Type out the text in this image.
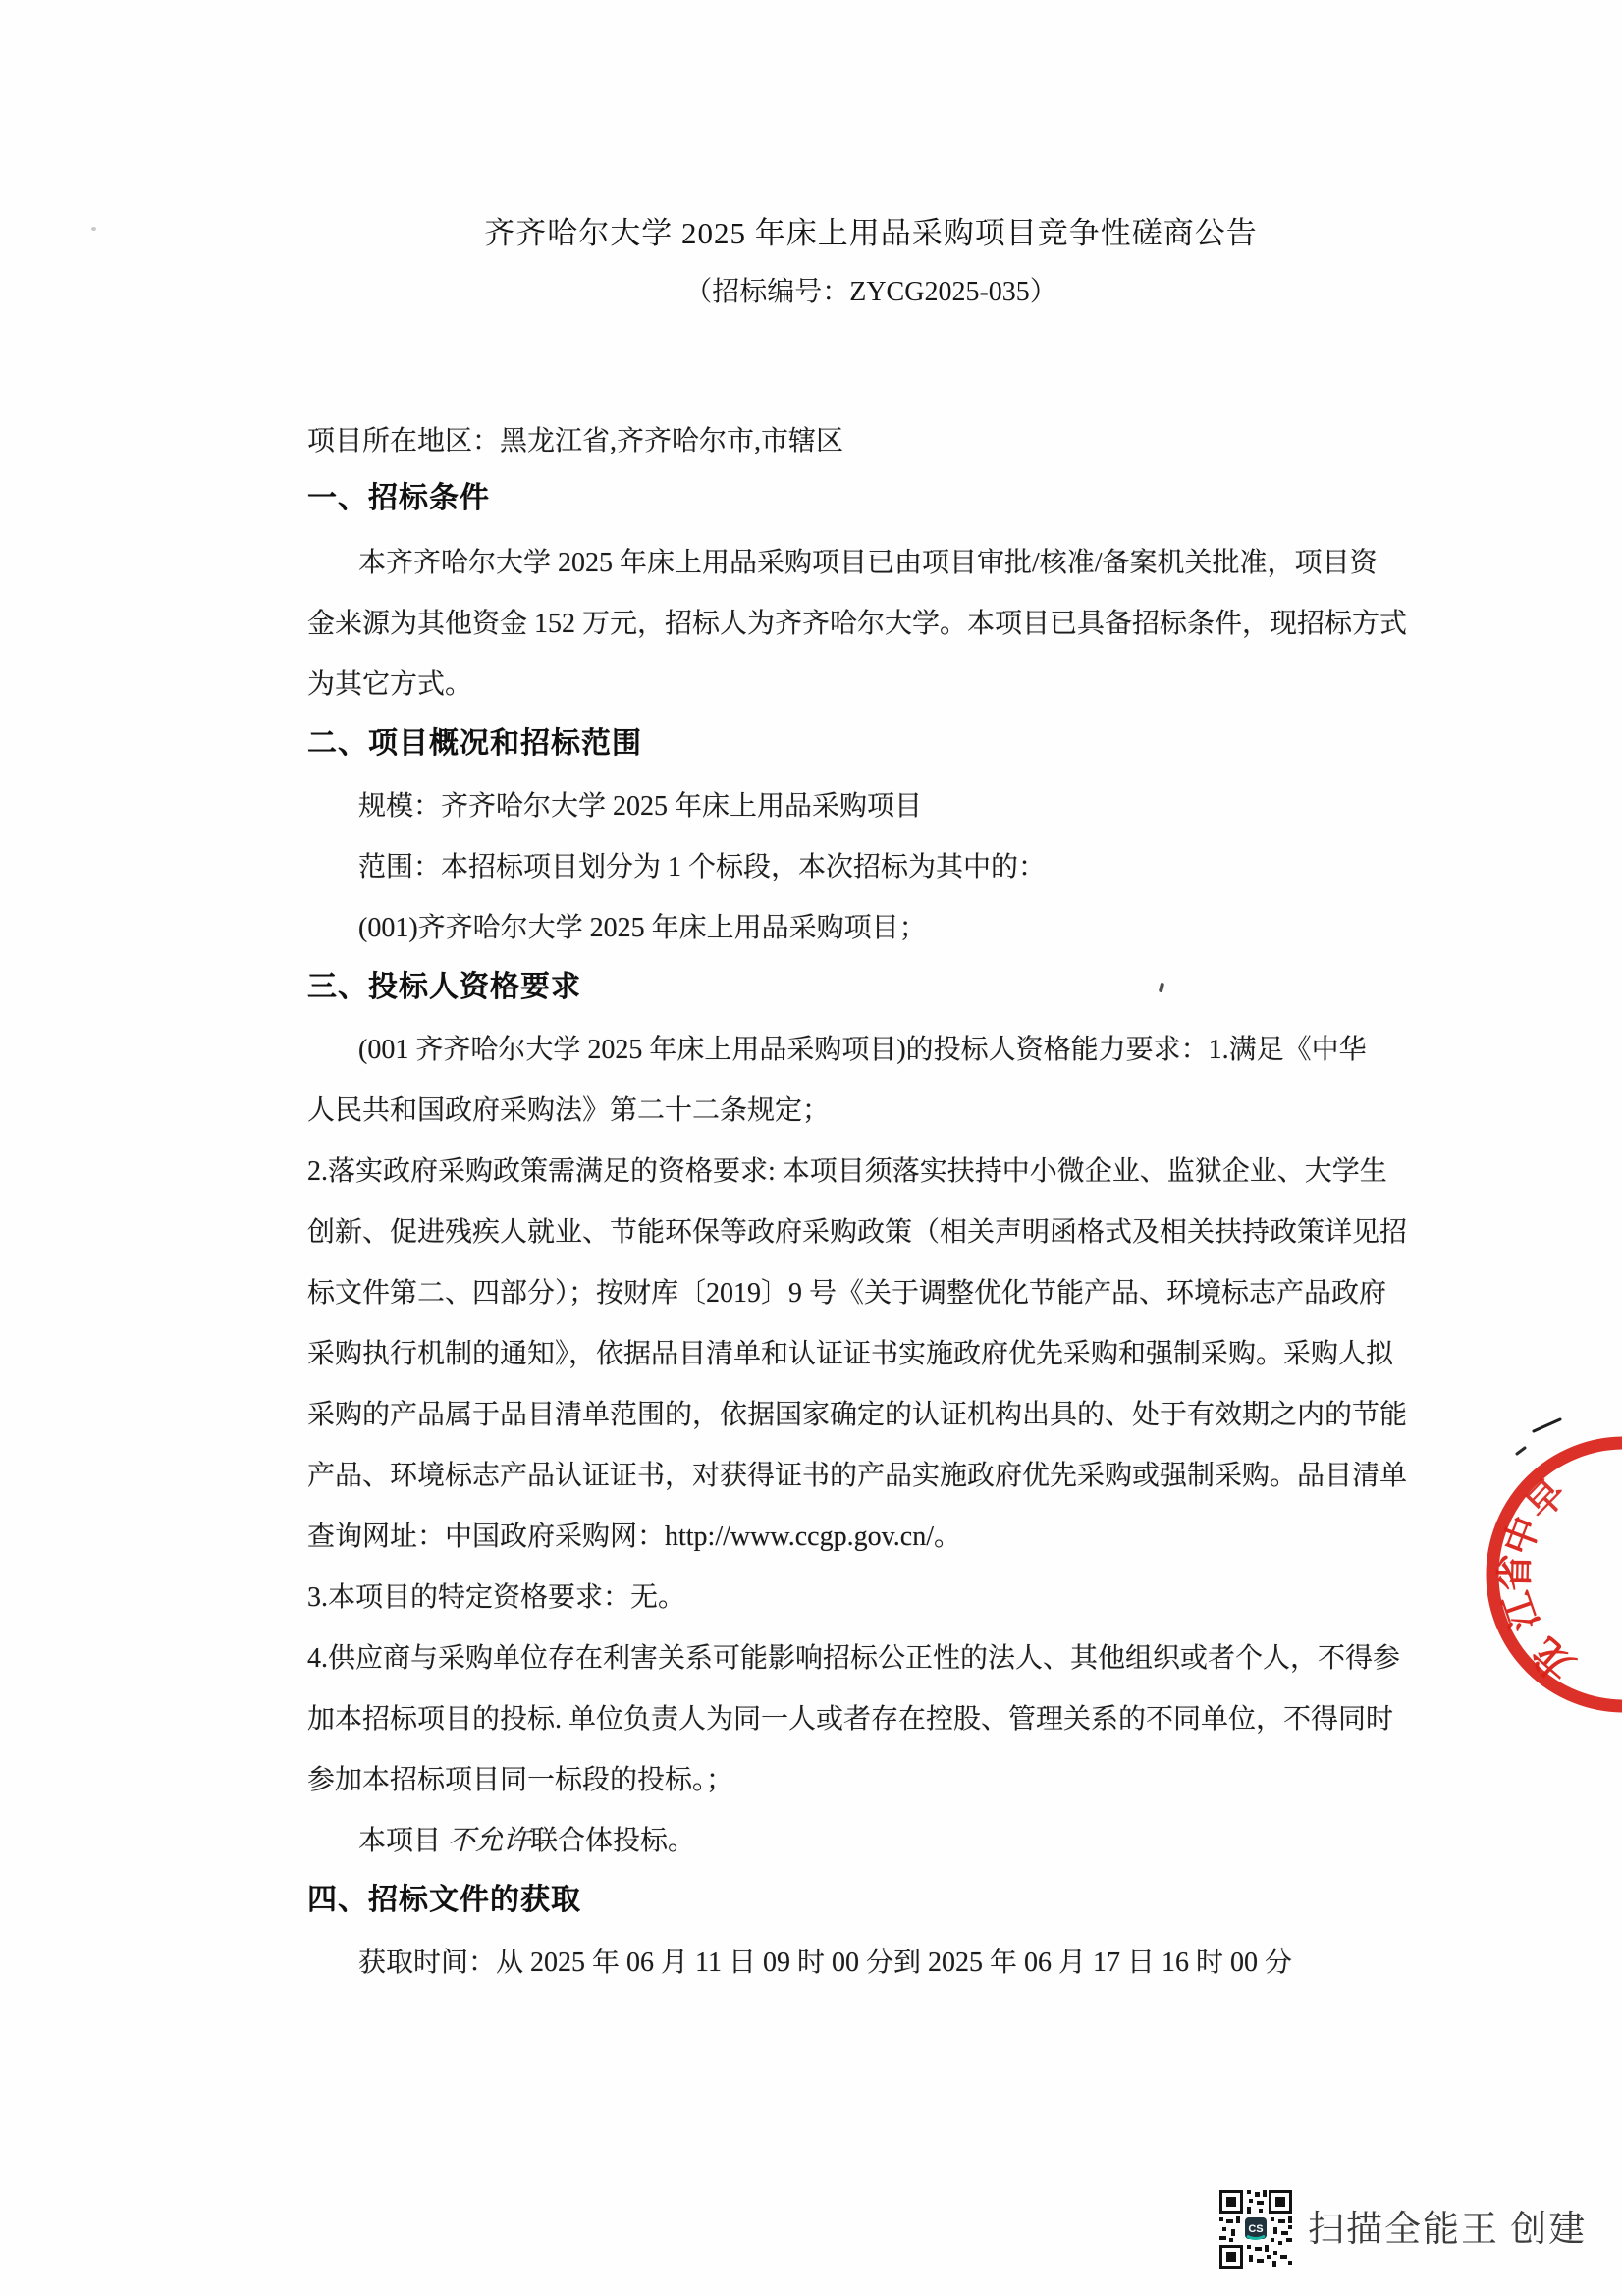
齐齐哈尔大学 2025 年床上用品采购项目竞争性磋商公告
（招标编号：ZYCG2025-035）
项目所在地区：黑龙江省,齐齐哈尔市,市辖区
一、招标条件
本齐齐哈尔大学 2025 年床上用品采购项目已由项目审批/核准/备案机关批准，项目资
金来源为其他资金 152 万元，招标人为齐齐哈尔大学。本项目已具备招标条件，现招标方式
为其它方式。
二、项目概况和招标范围
规模：齐齐哈尔大学 2025 年床上用品采购项目
范围：本招标项目划分为 1 个标段，本次招标为其中的：
(001)齐齐哈尔大学 2025 年床上用品采购项目；
三、投标人资格要求
(001 齐齐哈尔大学 2025 年床上用品采购项目)的投标人资格能力要求：1.满足《中华
人民共和国政府采购法》第二十二条规定；
2.落实政府采购政策需满足的资格要求: 本项目须落实扶持中小微企业、监狱企业、大学生
创新、促进残疾人就业、节能环保等政府采购政策（相关声明函格式及相关扶持政策详见招
标文件第二、四部分）；按财库〔2019〕9 号《关于调整优化节能产品、环境标志产品政府
采购执行机制的通知》，依据品目清单和认证证书实施政府优先采购和强制采购。采购人拟
采购的产品属于品目清单范围的，依据国家确定的认证机构出具的、处于有效期之内的节能
产品、环境标志产品认证证书，对获得证书的产品实施政府优先采购或强制采购。品目清单
查询网址：中国政府采购网：http://www.ccgp.gov.cn/。
3.本项目的特定资格要求：无。
4.供应商与采购单位存在利害关系可能影响招标公正性的法人、其他组织或者个人，不得参
加本招标项目的投标. 单位负责人为同一人或者存在控股、管理关系的不同单位，不得同时
参加本招标项目同一标段的投标。；
本项目 不允许联合体投标。
四、招标文件的获取
获取时间：从 2025 年 06 月 11 日 09 时 00 分到 2025 年 06 月 17 日 16 时 00 分
龙
江
省
中
早
CS 扫描全能王 创建
